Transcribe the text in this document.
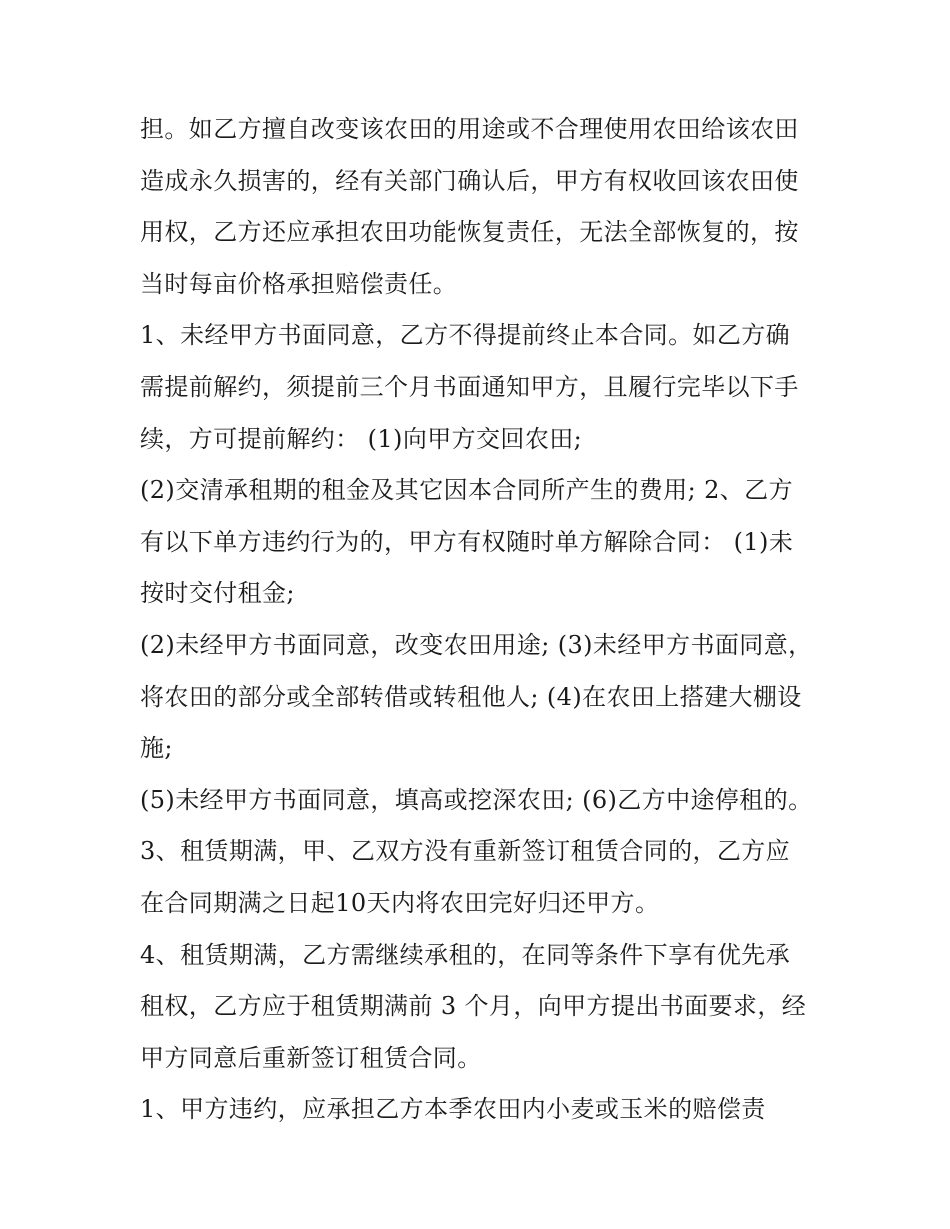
担。如乙方擅自改变该农田的用途或不合理使用农田给该农田
造成永久损害的，经有关部门确认后，甲方有权收回该农田使
用权，乙方还应承担农田功能恢复责任，无法全部恢复的，按
当时每亩价格承担赔偿责任。
1、未经甲方书面同意，乙方不得提前终止本合同。如乙方确
需提前解约，须提前三个月书面通知甲方，且履行完毕以下手
续，方可提前解约： (1)向甲方交回农田;
(2)交清承租期的租金及其它因本合同所产生的费用; 2、乙方
有以下单方违约行为的，甲方有权随时单方解除合同： (1)未
按时交付租金;
(2)未经甲方书面同意，改变农田用途; (3)未经甲方书面同意，
将农田的部分或全部转借或转租他人; (4)在农田上搭建大棚设
施;
(5)未经甲方书面同意，填高或挖深农田; (6)乙方中途停租的。
3、租赁期满，甲、乙双方没有重新签订租赁合同的，乙方应
在合同期满之日起10天内将农田完好归还甲方。
4、租赁期满，乙方需继续承租的，在同等条件下享有优先承
租权，乙方应于租赁期满前 3 个月，向甲方提出书面要求，经
甲方同意后重新签订租赁合同。
1、甲方违约，应承担乙方本季农田内小麦或玉米的赔偿责
